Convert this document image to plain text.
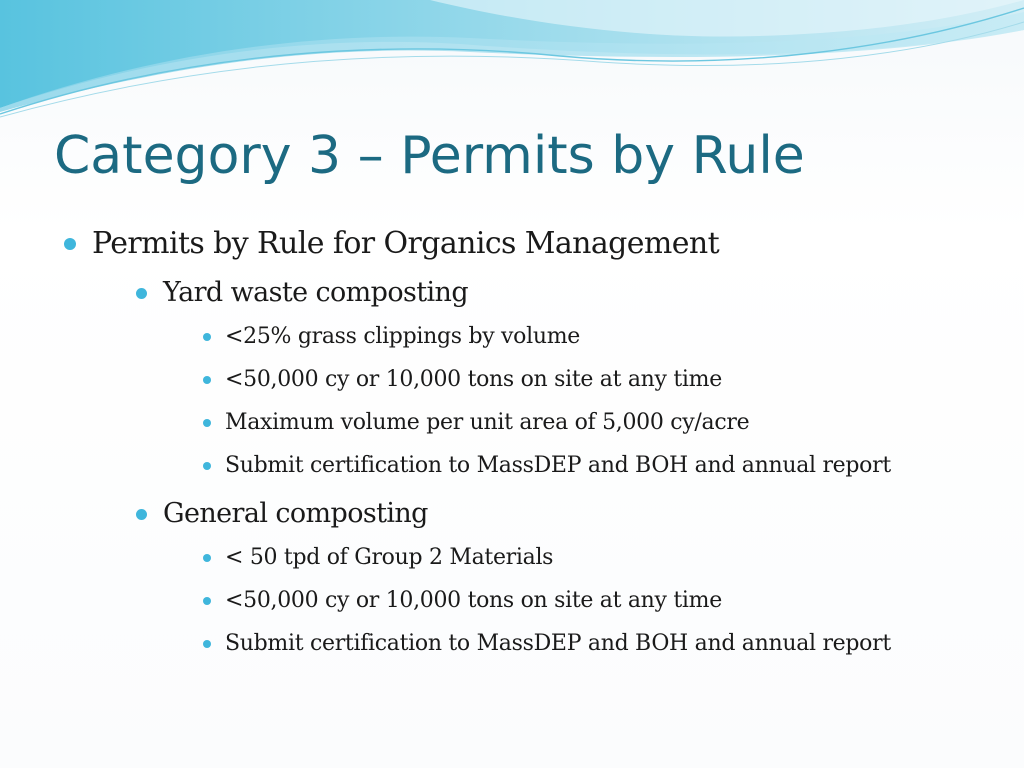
Category 3 – Permits by Rule
Permits by Rule for Organics Management
Yard waste composting
<25% grass clippings by volume
<50,000 cy or 10,000 tons on site at any time
Maximum volume per unit area of 5,000 cy/acre
Submit certification to MassDEP and BOH and annual report
General composting
< 50 tpd of Group 2 Materials
<50,000 cy or 10,000 tons on site at any time
Submit certification to MassDEP and BOH and annual report
